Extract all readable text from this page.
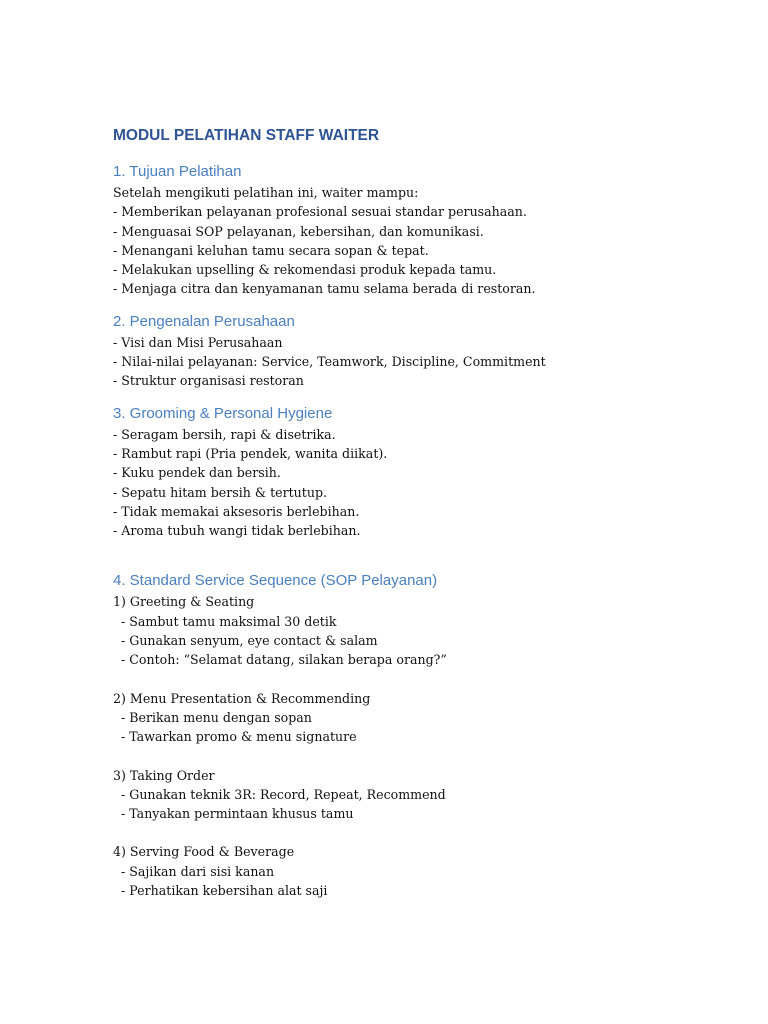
MODUL PELATIHAN STAFF WAITER
1. Tujuan Pelatihan

Setelah mengikuti pelatihan ini, waiter mampu:

- Memberikan pelayanan profesional sesuai standar perusahaan.

- Menguasai SOP pelayanan, kebersihan, dan komunikasi.

- Menangani keluhan tamu secara sopan & tepat.

- Melakukan upselling & rekomendasi produk kepada tamu.

- Menjaga citra dan kenyamanan tamu selama berada di restoran.

2. Pengenalan Perusahaan

- Visi dan Misi Perusahaan

- Nilai-nilai pelayanan: Service, Teamwork, Discipline, Commitment

- Struktur organisasi restoran

3. Grooming & Personal Hygiene

- Seragam bersih, rapi & disetrika.

- Rambut rapi (Pria pendek, wanita diikat).

- Kuku pendek dan bersih.

- Sepatu hitam bersih & tertutup.

- Tidak memakai aksesoris berlebihan.

- Aroma tubuh wangi tidak berlebihan.

4. Standard Service Sequence (SOP Pelayanan)

1) Greeting & Seating

- Sambut tamu maksimal 30 detik

- Gunakan senyum, eye contact & salam

- Contoh: “Selamat datang, silakan berapa orang?”

2) Menu Presentation & Recommending

- Berikan menu dengan sopan

- Tawarkan promo & menu signature

3) Taking Order

- Gunakan teknik 3R: Record, Repeat, Recommend

- Tanyakan permintaan khusus tamu

4) Serving Food & Beverage

- Sajikan dari sisi kanan

- Perhatikan kebersihan alat saji
